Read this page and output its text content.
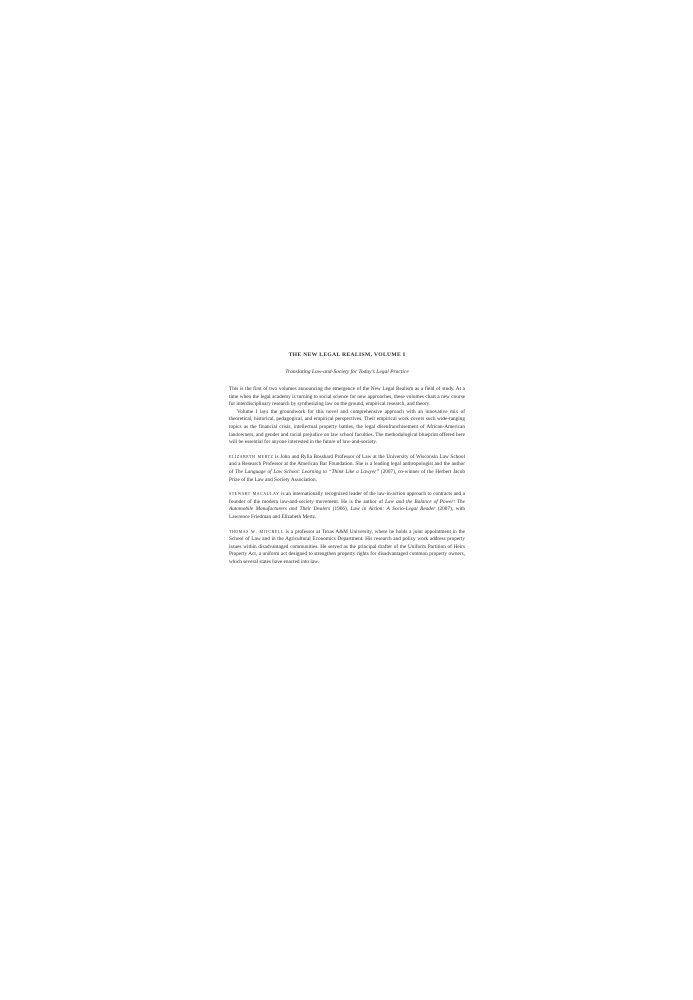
THE NEW LEGAL REALISM, VOLUME I
Translating Law-and-Society for Today’s Legal Practice

This is the first of two volumes announcing the emergence of the New Legal Realism as a field of study. At a time when the legal academy is turning to social science for new approaches, these volumes chart a new course for interdisciplinary research by synthesizing law on the ground, empirical research, and theory.

Volume I lays the groundwork for this novel and comprehensive approach with an innovative mix of theoretical, historical, pedagogical, and empirical perspectives. Their empirical work covers such wide-ranging topics as the financial crisis, intellectual property battles, the legal disenfranchisement of African-American landowners, and gender and racial prejudice on law school faculties. The methodological blueprint offered here will be essential for anyone interested in the future of law-and-society.

elizabeth mertz is John and Rylla Bosshard Professor of Law at the University of Wisconsin Law School and a Research Professor at the American Bar Foundation. She is a leading legal anthropologist and the author of The Language of Law School: Learning to “Think Like a Lawyer” (2007), co-winner of the Herbert Jacob Prize of the Law and Society Association.

stewart macaulay is an internationally recognized leader of the law-in-action approach to contracts and a founder of the modern law-and-society movement. He is the author of Law and the Balance of Power: The Automobile Manufacturers and Their Dealers (1966), Law in Action: A Socio-Legal Reader (2007), with Lawrence Friedman and Elizabeth Mertz.

thomas w. mitchell is a professor at Texas A&M University, where he holds a joint appointment in the School of Law and in the Agricultural Economics Department. His research and policy work address property issues within disadvantaged communities. He served as the principal drafter of the Uniform Partition of Heirs Property Act, a uniform act designed to strengthen property rights for disadvantaged common property owners, which several states have enacted into law.
